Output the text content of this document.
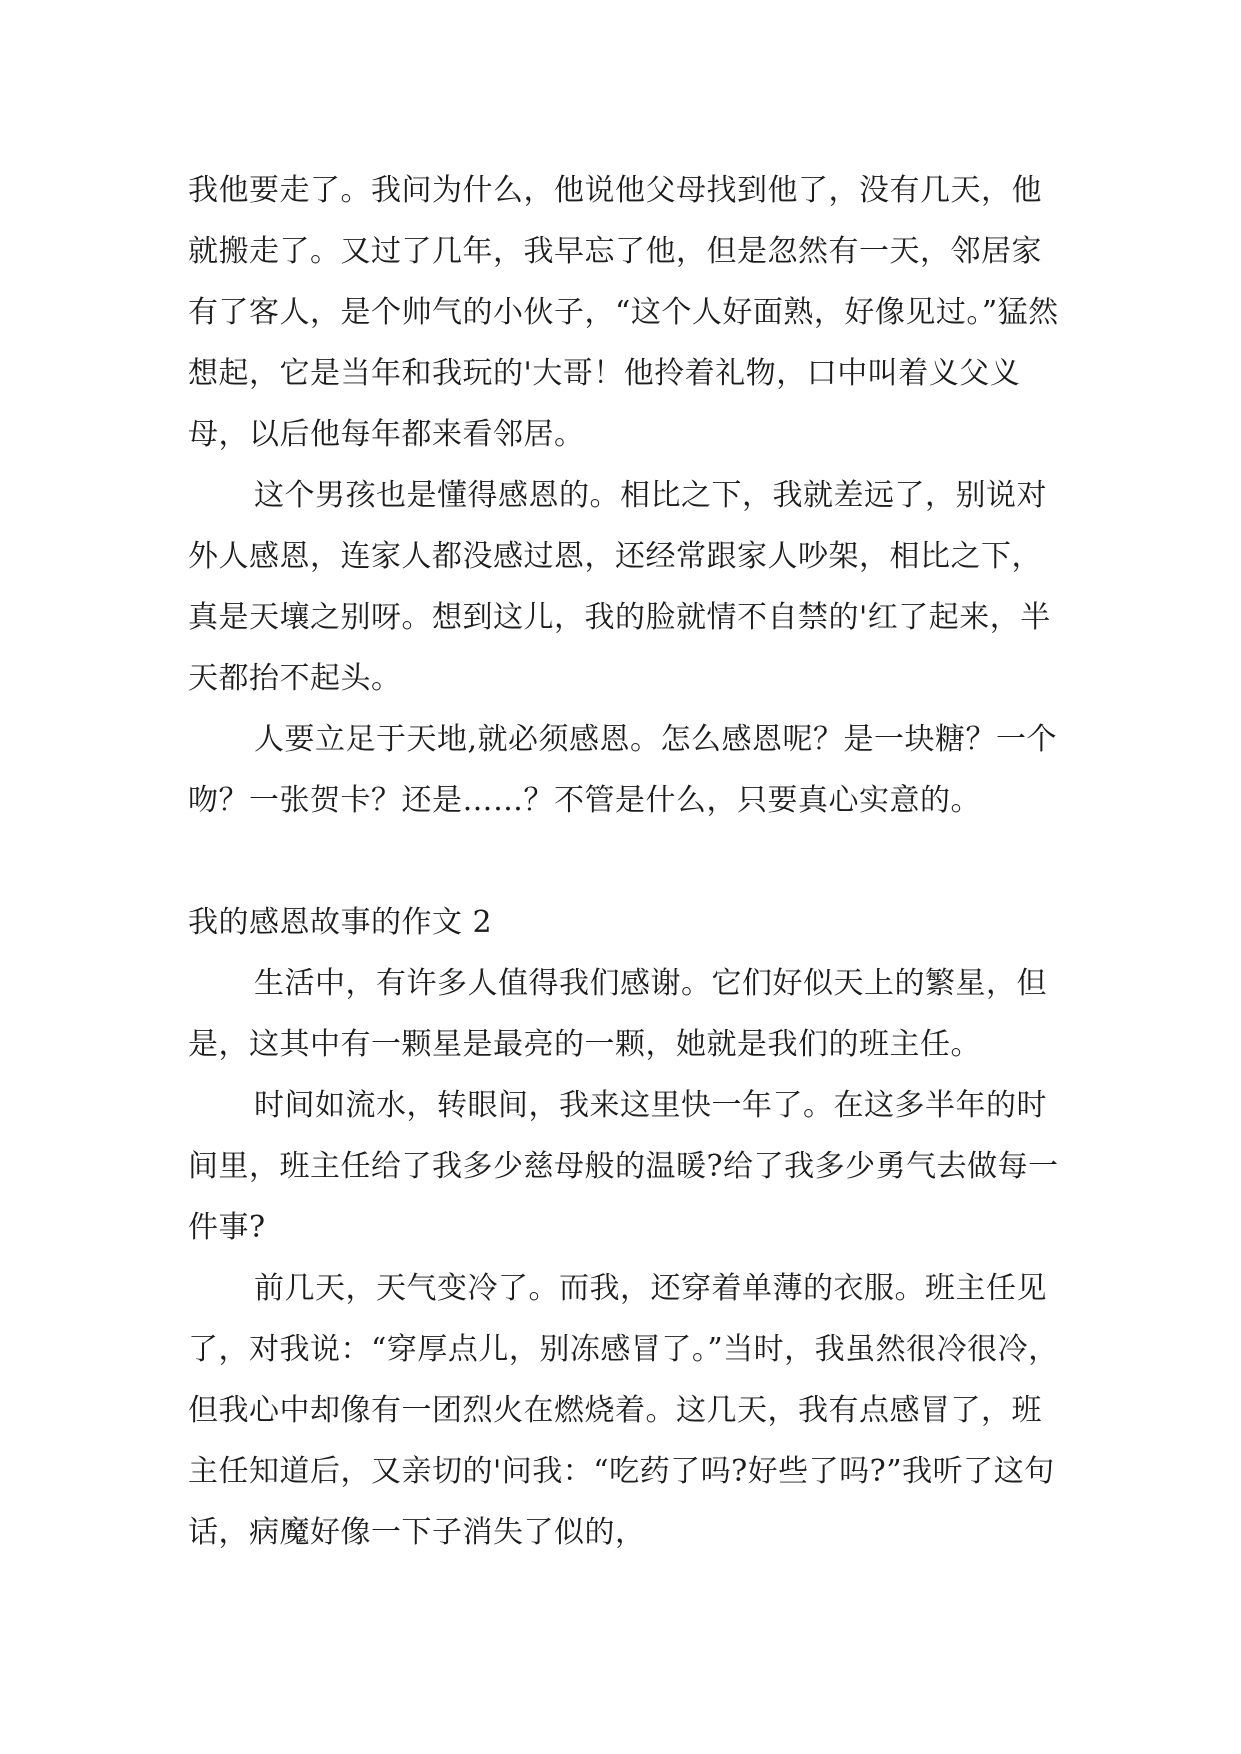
我他要走了。我问为什么，他说他父母找到他了，没有几天，他就搬走了。又过了几年，我早忘了他，但是忽然有一天，邻居家有了客人，是个帅气的小伙子，“这个人好面熟，好像见过。”猛然想起，它是当年和我玩的'大哥！他拎着礼物，口中叫着义父义母，以后他每年都来看邻居。

这个男孩也是懂得感恩的。相比之下，我就差远了，别说对外人感恩，连家人都没感过恩，还经常跟家人吵架，相比之下，真是天壤之别呀。想到这儿，我的脸就情不自禁的'红了起来，半天都抬不起头。

人要立足于天地,就必须感恩。怎么感恩呢？是一块糖？一个吻？一张贺卡？还是……？不管是什么，只要真心实意的。

我的感恩故事的作文 2

生活中，有许多人值得我们感谢。它们好似天上的繁星，但是，这其中有一颗星是最亮的一颗，她就是我们的班主任。

时间如流水，转眼间，我来这里快一年了。在这多半年的时间里，班主任给了我多少慈母般的温暖?给了我多少勇气去做每一件事?

前几天，天气变冷了。而我，还穿着单薄的衣服。班主任见了，对我说：“穿厚点儿，别冻感冒了。”当时，我虽然很冷很冷，但我心中却像有一团烈火在燃烧着。这几天，我有点感冒了，班主任知道后，又亲切的'问我：“吃药了吗?好些了吗?”我听了这句话，病魔好像一下子消失了似的，
